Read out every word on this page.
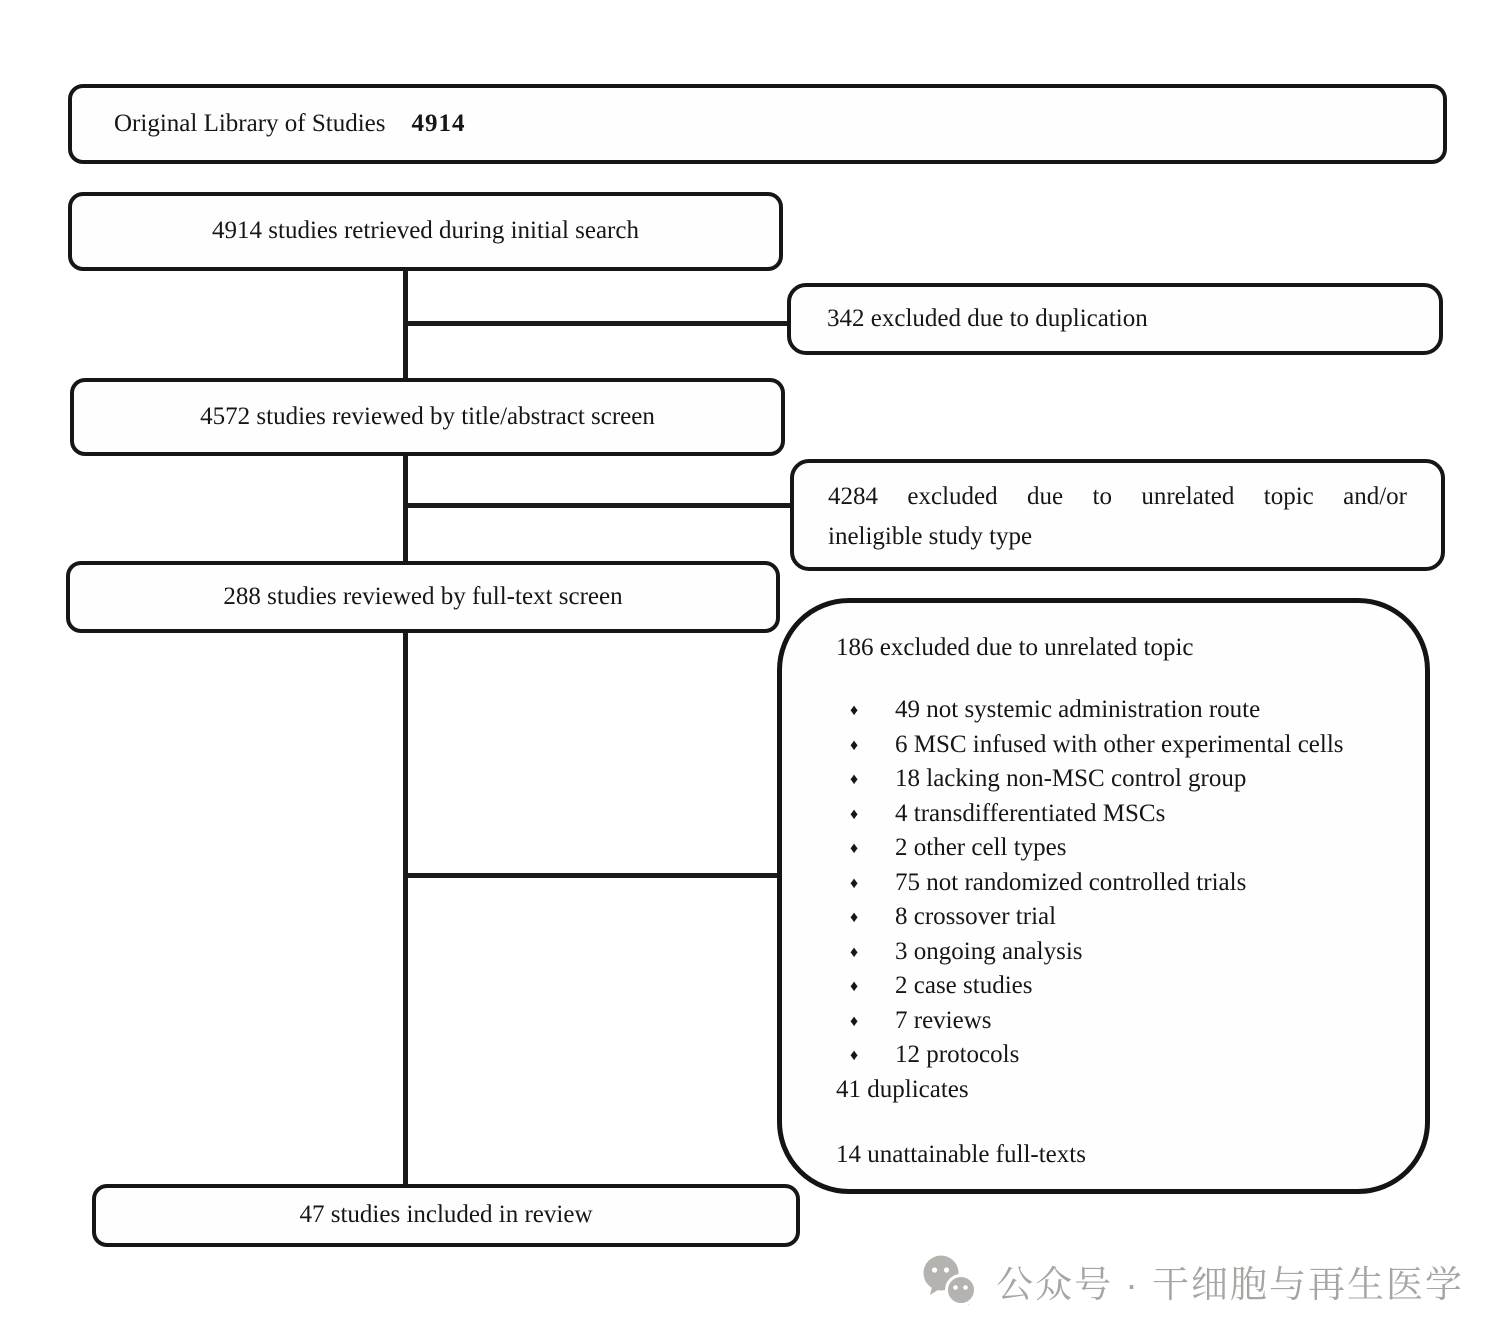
Original Library of Studies 4914
4914 studies retrieved during initial search
342 excluded due to duplication
4572 studies reviewed by title/abstract screen
4284 excluded due to unrelated topic and/or
ineligible study type
288 studies reviewed by full-text screen
186 excluded due to unrelated topic
♦ 49 not systemic administration route
♦ 6 MSC infused with other experimental cells
♦ 18 lacking non-MSC control group
♦ 4 transdifferentiated MSCs
♦ 2 other cell types
♦ 75 not randomized controlled trials
♦ 8 crossover trial
♦ 3 ongoing analysis
♦ 2 case studies
♦ 7 reviews
♦ 12 protocols
41 duplicates
14 unattainable full-texts
47 studies included in review
公众号 · 干细胞与再生医学
